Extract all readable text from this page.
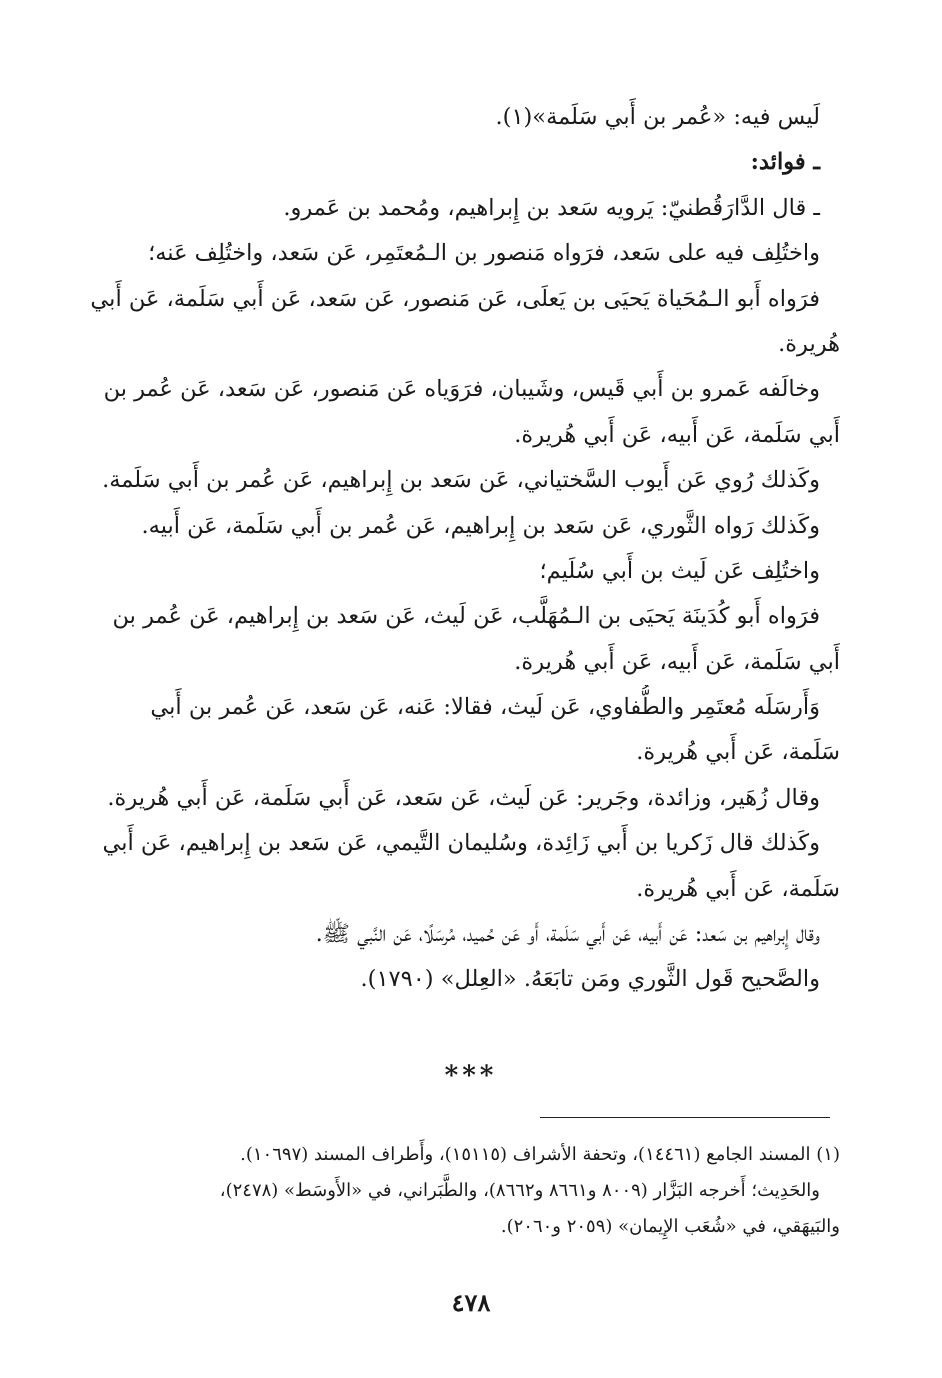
لَيس فيه: «عُمر بن أَبي سَلَمة»(١).
ـ فوائد:
ـ قال الدَّارَقُطنيّ: يَرويه سَعد بن إِبراهيم، ومُحمد بن عَمرو.
واختُلِف فيه على سَعد، فرَواه مَنصور بن الـمُعتَمِر، عَن سَعد، واختُلِف عَنه؛
فرَواه أَبو الـمُحَياة يَحيَى بن يَعلَى، عَن مَنصور، عَن سَعد، عَن أَبي سَلَمة، عَن أَبي
هُريرة.
وخالَفه عَمرو بن أَبي قَيس، وشَيبان، فرَوَياه عَن مَنصور، عَن سَعد، عَن عُمر بن
أَبي سَلَمة، عَن أَبيه، عَن أَبي هُريرة.
وكَذلك رُوي عَن أَيوب السَّختياني، عَن سَعد بن إِبراهيم، عَن عُمر بن أَبي سَلَمة.
وكَذلك رَواه الثَّوري، عَن سَعد بن إِبراهيم، عَن عُمر بن أَبي سَلَمة، عَن أَبيه.
واختُلِف عَن لَيث بن أَبي سُلَيم؛
فرَواه أَبو كُدَينَة يَحيَى بن الـمُهَلَّب، عَن لَيث، عَن سَعد بن إِبراهيم، عَن عُمر بن
أَبي سَلَمة، عَن أَبيه، عَن أَبي هُريرة.
وَأَرسَلَه مُعتَمِر والطُّفاوي، عَن لَيث، فقالا: عَنه، عَن سَعد، عَن عُمر بن أَبي
سَلَمة، عَن أَبي هُريرة.
وقال زُهَير، وزائدة، وجَرير: عَن لَيث، عَن سَعد، عَن أَبي سَلَمة، عَن أَبي هُريرة.
وكَذلك قال زَكريا بن أَبي زَائِدة، وسُليمان التَّيمي، عَن سَعد بن إِبراهيم، عَن أَبي
سَلَمة، عَن أَبي هُريرة.
وقال إِبراهيم بن سَعد: عَن أَبيه، عَن أَبي سَلَمة، أَو عَن حُميد، مُرسَلًا، عَن النَّبي ﷺ.
والصَّحيح قَول الثَّوري ومَن تابَعَهُ. «العِلل» (١٧٩٠).
***
(١) المسند الجامع (١٤٤٦١)، وتحفة الأشراف (١٥١١٥)، وأَطراف المسند (١٠٦٩٧).
والحَدِيث؛ أَخرجه البَزَّار (٨٠٠٩ و٨٦٦١ و٨٦٦٢)، والطَّبَراني، في «الأَوسَط» (٢٤٧٨)،
والبَيهَقي، في «شُعَب الإِيمان» (٢٠٥٩ و٢٠٦٠).
٤٧٨
